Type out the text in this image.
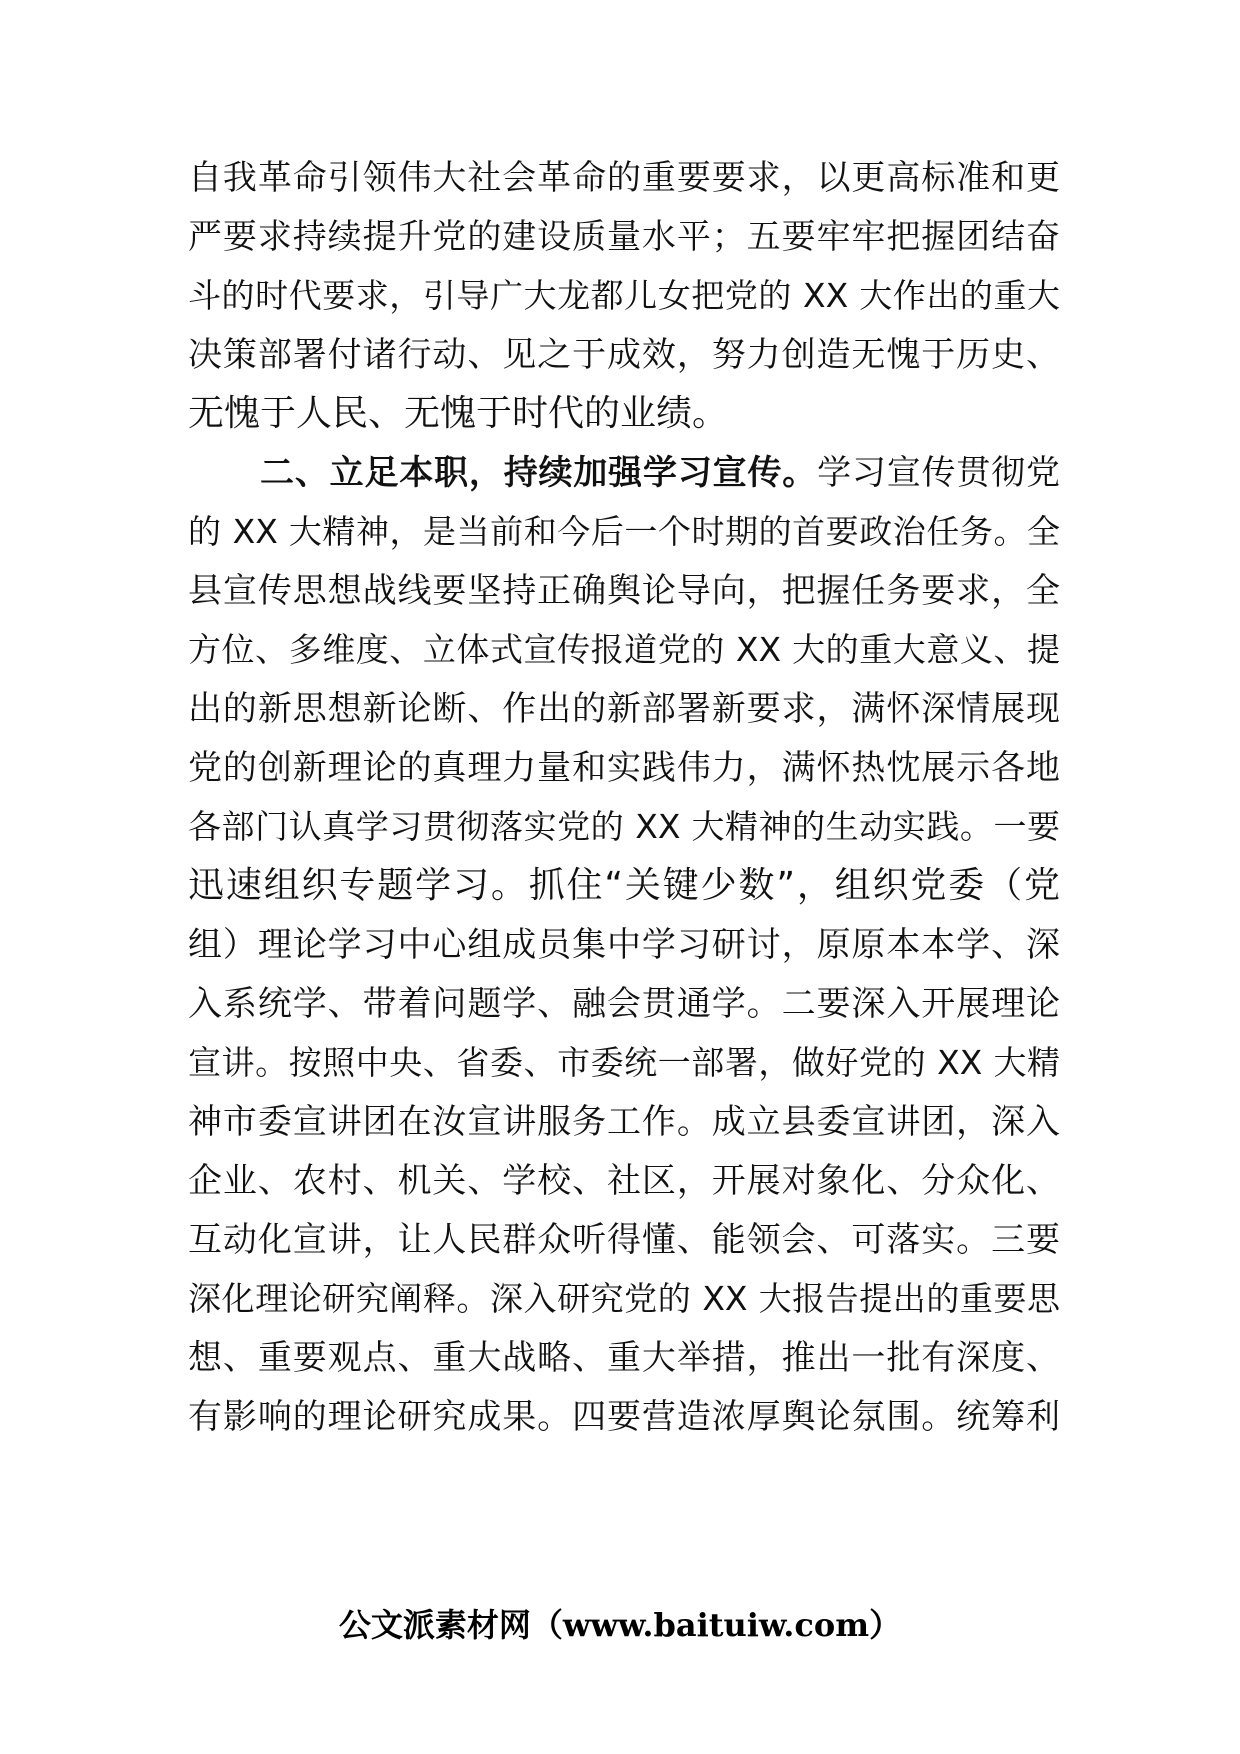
自我革命引领伟大社会革命的重要要求，以更高标准和更
严要求持续提升党的建设质量水平；五要牢牢把握团结奋
斗的时代要求，引导广大龙都儿女把党的 XX 大作出的重大
决策部署付诸行动、见之于成效，努力创造无愧于历史、
无愧于人民、无愧于时代的业绩。
二、立足本职，持续加强学习宣传。学习宣传贯彻党
的 XX 大精神，是当前和今后一个时期的首要政治任务。全
县宣传思想战线要坚持正确舆论导向，把握任务要求，全
方位、多维度、立体式宣传报道党的 XX 大的重大意义、提
出的新思想新论断、作出的新部署新要求，满怀深情展现
党的创新理论的真理力量和实践伟力，满怀热忱展示各地
各部门认真学习贯彻落实党的 XX 大精神的生动实践。一要
迅速组织专题学习。抓住“关键少数”，组织党委（党
组）理论学习中心组成员集中学习研讨，原原本本学、深
入系统学、带着问题学、融会贯通学。二要深入开展理论
宣讲。按照中央、省委、市委统一部署，做好党的 XX 大精
神市委宣讲团在汝宣讲服务工作。成立县委宣讲团，深入
企业、农村、机关、学校、社区，开展对象化、分众化、
互动化宣讲，让人民群众听得懂、能领会、可落实。三要
深化理论研究阐释。深入研究党的 XX 大报告提出的重要思
想、重要观点、重大战略、重大举措，推出一批有深度、
有影响的理论研究成果。四要营造浓厚舆论氛围。统筹利
公文派素材网（www.baituiw.com）
